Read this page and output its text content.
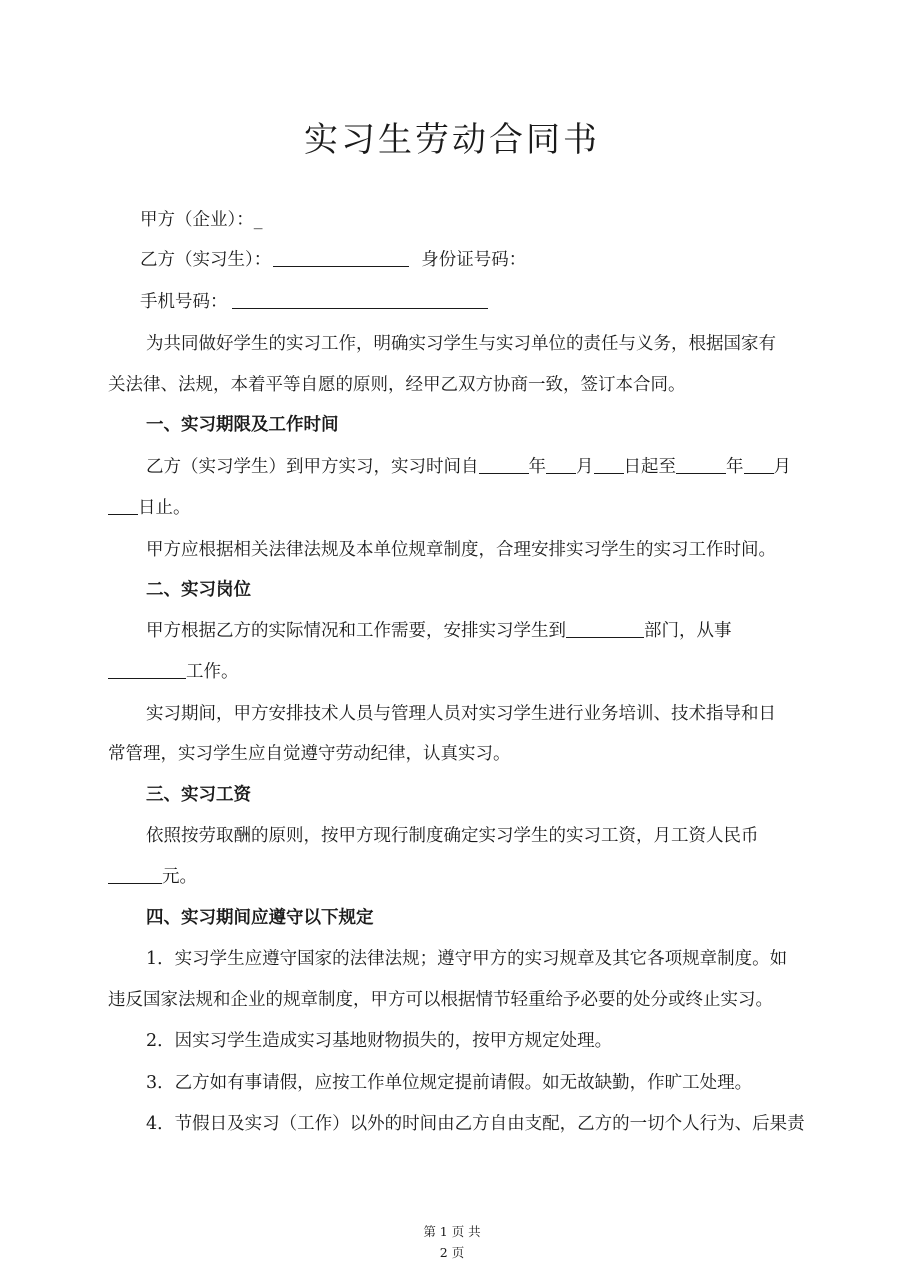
实习生劳动合同书
甲方（企业）：_
乙方（实习生）：	身份证号码：
手机号码：
为共同做好学生的实习工作，明确实习学生与实习单位的责任与义务，根据国家有
关法律、法规，本着平等自愿的原则，经甲乙双方协商一致，签订本合同。
一、实习期限及工作时间
乙方（实习学生）到甲方实习，实习时间自	年 月 日起至	年 月
日止。
甲方应根据相关法律法规及本单位规章制度，合理安排实习学生的实习工作时间。
二、实习岗位
甲方根据乙方的实际情况和工作需要，安排实习学生到	部门，从事
工作。
实习期间，甲方安排技术人员与管理人员对实习学生进行业务培训、技术指导和日
常管理，实习学生应自觉遵守劳动纪律，认真实习。
三、实习工资
依照按劳取酬的原则，按甲方现行制度确定实习学生的实习工资，月工资人民币
元。
四、实习期间应遵守以下规定
1．实习学生应遵守国家的法律法规；遵守甲方的实习规章及其它各项规章制度。如
违反国家法规和企业的规章制度，甲方可以根据情节轻重给予必要的处分或终止实习。
2．因实习学生造成实习基地财物损失的，按甲方规定处理。
3．乙方如有事请假，应按工作单位规定提前请假。如无故缺勤，作旷工处理。
4．节假日及实习（工作）以外的时间由乙方自由支配，乙方的一切个人行为、后果责
第 1 页 共
2 页
